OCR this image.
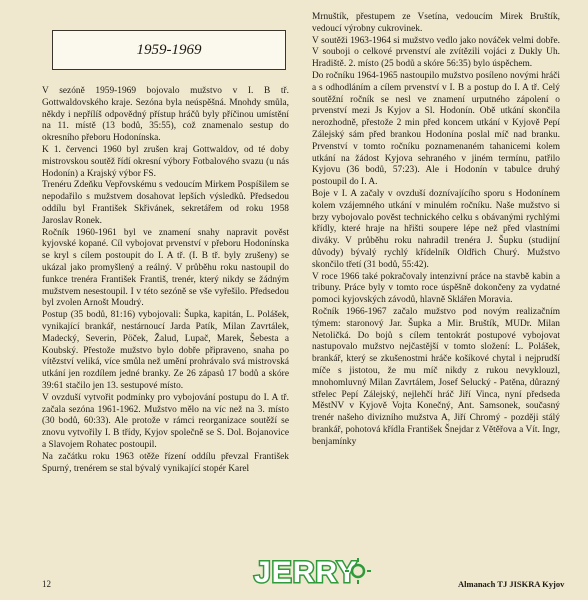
1959-1969

V sezóně 1959-1969 bojovalo mužstvo v I. B tř. Gottwaldovského kraje. Sezóna byla neúspěšná. Mnohdy smůla, někdy i nepřílíš odpovědný přístup hráčů byly příčinou umístění na 11. místě (13 bodů, 35:55), což znamenalo sestup do okresního přeboru Hodonínska.

K 1. červenci 1960 byl zrušen kraj Gottwaldov, od té doby mistrovskou soutěž řídí okresní výbory Fotbalového svazu (u nás Hodonín) a Krajský výbor FS.

Trenéru Zdeňku Vepřovskému s vedoucím Mirkem Pospíšilem se nepodařilo s mužstvem dosahovat lepších výsledků. Předsedou oddílu byl František Skřivánek, sekretářem od roku 1958 Jaroslav Ronek.

Ročník 1960-1961 byl ve znamení snahy napravit pověst kyjovské kopané. Cíl vybojovat prvenství v přeboru Hodonínska se kryl s cílem postoupit do I. A tř. (I. B tř. byly zrušeny) se ukázal jako promyšlený a reálný. V průběhu roku nastoupil do funkce trenéra František Františ, trenér, který nikdy se žádným mužstvem nesestoupil. I v této sezóně se vše vyřešilo. Předsedou byl zvolen Arnošt Moudrý.

Postup (35 bodů, 81:16) vybojovali: Šupka, kapitán, L. Polášek, vynikající brankář, nestárnoucí Jarda Patík, Milan Zavrtálek, Madecký, Severin, Pöček, Žalud, Lupač, Marek, Šebesta a Koubský. Přestože mužstvo bylo dobře připraveno, snaha po vítězství veliká, více smůla než umění prohrávalo svá mistrovská utkání jen rozdílem jedné branky. Ze 26 zápasů 17 bodů a skóre 39:61 stačilo jen 13. sestupové místo.

V ovzduší vytvořit podmínky pro vybojování postupu do I. A tř. začala sezóna 1961-1962. Mužstvo mělo na víc než na 3. místo (30 bodů, 60:33). Ale protože v rámci reorganizace soutěží se znovu vytvořily I. B třídy, Kyjov společně se S. Dol. Bojanovice a Slavojem Rohatec postoupil.

Na začátku roku 1963 otěže řízení oddílu převzal František Spurný, trenérem se stal bývalý vynikající stopér Karel

Mrnuštík, přestupem ze Vsetína, vedoucím Mirek Bruštík, vedoucí výrobny cukrovinek.

V soutěži 1963-1964 si mužstvo vedlo jako nováček velmi dobře. V souboji o celkové prvenství ale zvítězili vojáci z Dukly Uh. Hradiště. 2. místo (25 bodů a skóre 56:35) bylo úspěchem.

Do ročníku 1964-1965 nastoupilo mužstvo posíleno novými hráči a s odhodláním a cílem prvenství v I. B a postup do I. A tř. Celý soutěžní ročník se nesl ve znamení urputného zápolení o prvenství mezi Js Kyjov a Sl. Hodonín. Obě utkání skončila nerozhodně, přestože 2 min před koncem utkání v Kyjově Pepí Zálejský sám před brankou Hodonína poslal míč nad branku. Prvenství v tomto ročníku poznamenaném tahanicemi kolem utkání na žádost Kyjova sehraného v jiném termínu, patřilo Kyjovu (36 bodů, 57:23). Ale i Hodonín v tabulce druhý postoupil do I. A.

Boje v I. A začaly v ovzduší doznívajícího sporu s Hodonínem kolem vzájemného utkání v minulém ročníku. Naše mužstvo si brzy vybojovalo pověst technického celku s obávanými rychlými křídly, které hraje na hřišti souperе lépe než před vlastními diváky. V průběhu roku nahradil trenéra J. Šupku (studijní důvody) bývalý rychlý křídelník Oldřich Churý. Mužstvo skončilo třetí (31 bodů, 55:42).

V roce 1966 také pokračovaly intenzivní práce na stavbě kabin a tribuny. Práce byly v tomto roce úspěšně dokončeny za vydatné pomoci kyjovských závodů, hlavně Sklářen Moravia.

Ročník 1966-1967 začalo mužstvo pod novým realizačním týmem: staronový Jar. Šupka a Mir. Bruštík, MUDr. Milan Netoličká. Do bojů s cílem tentokrát postupové vybojovat nastupovalo mužstvo nejčastější v tomto složení: L. Polášek, brankář, který se zkušenostmi hráče košíkové chytal i nejprudší míče s jistotou, že mu míč nikdy z rukou nevyklouzl, mnohomluvný Milan Zavrtálem, Josef Selucký - Patěna, důrazný střelec Pepí Zálejský, nejlehčí hráč Jiří Vinca, nyní předseda MěstNV v Kyjově Vojta Konečný, Ant. Samsonek, současný trenér našeho divizního mužstva A, Jiří Chromý - později stálý brankář, pohotová křídla František Šnejdar z Větěřova a Vít. Ingr, benjamínky

12	JERRY	Almanach TJ JISKRA Kyjov
